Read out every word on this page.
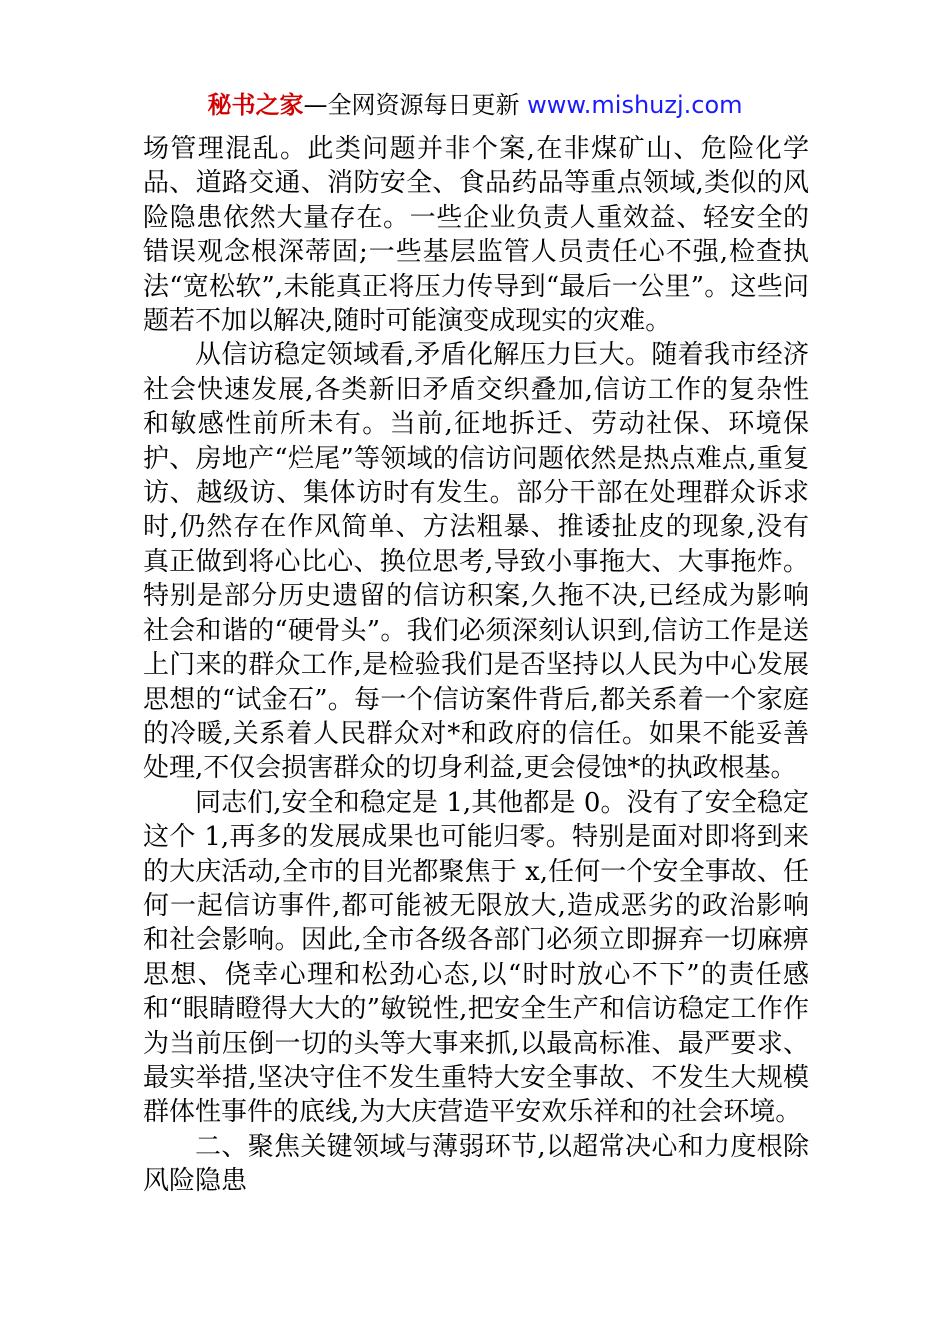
秘书之家—全网资源每日更新 www.mishuzj.com

场管理混乱。此类问题并非个案,在非煤矿山、危险化学品、道路交通、消防安全、食品药品等重点领域,类似的风险隐患依然大量存在。一些企业负责人重效益、轻安全的错误观念根深蒂固;一些基层监管人员责任心不强,检查执法“宽松软”,未能真正将压力传导到“最后一公里”。这些问题若不加以解决,随时可能演变成现实的灾难。

从信访稳定领域看,矛盾化解压力巨大。随着我市经济社会快速发展,各类新旧矛盾交织叠加,信访工作的复杂性和敏感性前所未有。当前,征地拆迁、劳动社保、环境保护、房地产“烂尾”等领域的信访问题依然是热点难点,重复访、越级访、集体访时有发生。部分干部在处理群众诉求时,仍然存在作风简单、方法粗暴、推诿扯皮的现象,没有真正做到将心比心、换位思考,导致小事拖大、大事拖炸。特别是部分历史遗留的信访积案,久拖不决,已经成为影响社会和谐的“硬骨头”。我们必须深刻认识到,信访工作是送上门来的群众工作,是检验我们是否坚持以人民为中心发展思想的“试金石”。每一个信访案件背后,都关系着一个家庭的冷暖,关系着人民群众对*和政府的信任。如果不能妥善处理,不仅会损害群众的切身利益,更会侵蚀*的执政根基。

同志们,安全和稳定是 1,其他都是 0。没有了安全稳定这个 1,再多的发展成果也可能归零。特别是面对即将到来的大庆活动,全市的目光都聚焦于 x,任何一个安全事故、任何一起信访事件,都可能被无限放大,造成恶劣的政治影响和社会影响。因此,全市各级各部门必须立即摒弃一切麻痹思想、侥幸心理和松劲心态,以“时时放心不下”的责任感和“眼睛瞪得大大的”敏锐性,把安全生产和信访稳定工作作为当前压倒一切的头等大事来抓,以最高标准、最严要求、最实举措,坚决守住不发生重特大安全事故、不发生大规模群体性事件的底线,为大庆营造平安欢乐祥和的社会环境。

二、聚焦关键领域与薄弱环节,以超常决心和力度根除风险隐患
